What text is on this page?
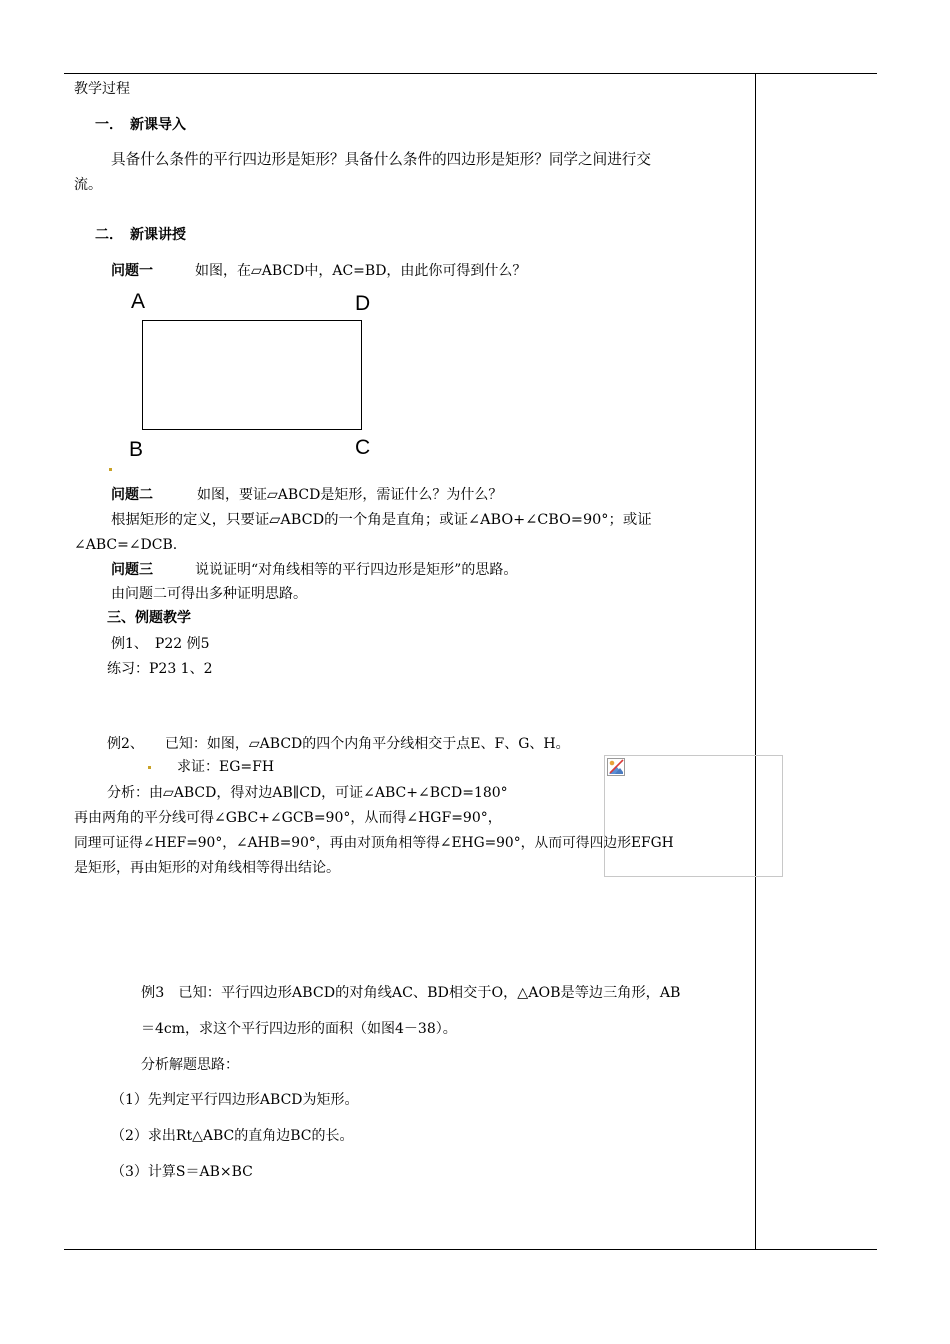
教学过程
一．　新课导入
具备什么条件的平行四边形是矩形？具备什么条件的四边形是矩形？同学之间进行交
流。
二．　新课讲授
问题一	如图，在▱ABCD中，AC=BD，由此你可得到什么？
A	D
B	C
问题二	如图，要证▱ABCD是矩形，需证什么？为什么？
根据矩形的定义，只要证▱ABCD的一个角是直角；或证∠ABO+∠CBO=90°；或证
∠ABC=∠DCB.
问题三	说说证明“对角线相等的平行四边形是矩形”的思路。
由问题二可得出多种证明思路。
三、例题教学
例1、　P22 例5
练习：P23 1、2
例2、　　已知：如图，▱ABCD的四个内角平分线相交于点E、F、G、H。
求证：EG=FH
分析：由▱ABCD，得对边AB∥CD，可证∠ABC+∠BCD=180°
再由两角的平分线可得∠GBC+∠GCB=90°，从而得∠HGF=90°，
同理可证得∠HEF=90°，∠AHB=90°，再由对顶角相等得∠EHG=90°，从而可得四边形EFGH
是矩形，再由矩形的对角线相等得出结论。
例3　已知：平行四边形ABCD的对角线AC、BD相交于O，△AOB是等边三角形，AB
＝4cm，求这个平行四边形的面积（如图4－38）。
分析解题思路：
（1）先判定平行四边形ABCD为矩形。
（2）求出Rt△ABC的直角边BC的长。
（3）计算S＝AB×BC
